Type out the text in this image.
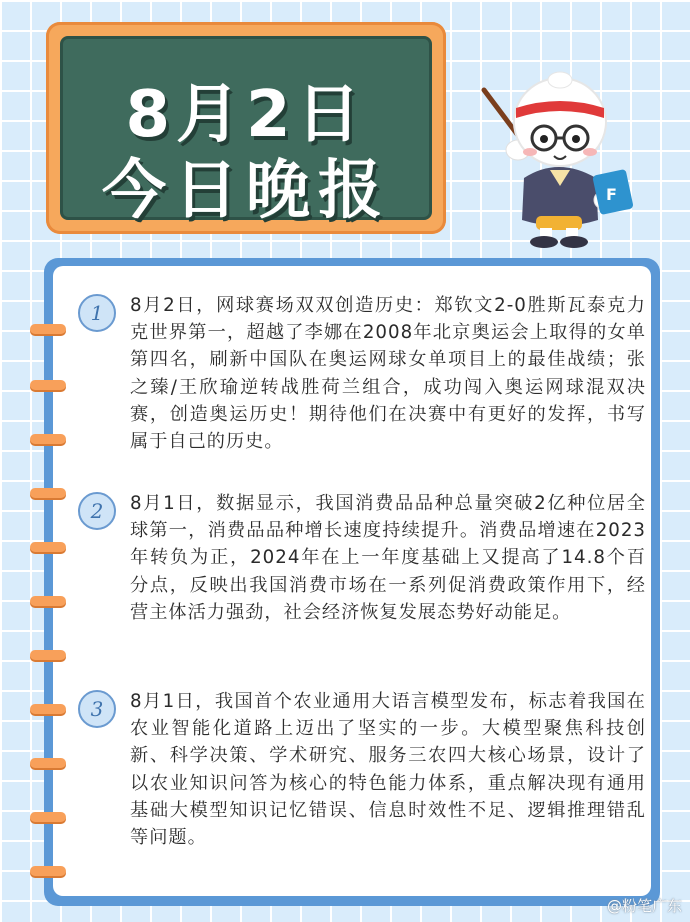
8月2日
今日晚报	F
1	8月2日，网球赛场双双创造历史：郑钦文2-0胜斯瓦泰克力克世界第一，超越了李娜在2008年北京奥运会上取得的女单第四名，刷新中国队在奥运网球女单项目上的最佳战绩；张之臻/王欣瑜逆转战胜荷兰组合，成功闯入奥运网球混双决赛，创造奥运历史！期待他们在决赛中有更好的发挥，书写属于自己的历史。

2	8月1日，数据显示，我国消费品品种总量突破2亿种位居全球第一，消费品品种增长速度持续提升。消费品增速在2023年转负为正，2024年在上一年度基础上又提高了14.8个百分点，反映出我国消费市场在一系列促消费政策作用下，经营主体活力强劲，社会经济恢复发展态势好动能足。

3	8月1日，我国首个农业通用大语言模型发布，标志着我国在农业智能化道路上迈出了坚实的一步。大模型聚焦科技创新、科学决策、学术研究、服务三农四大核心场景，设计了以农业知识问答为核心的特色能力体系，重点解决现有通用基础大模型知识记忆错误、信息时效性不足、逻辑推理错乱等问题。

@粉笔广东
